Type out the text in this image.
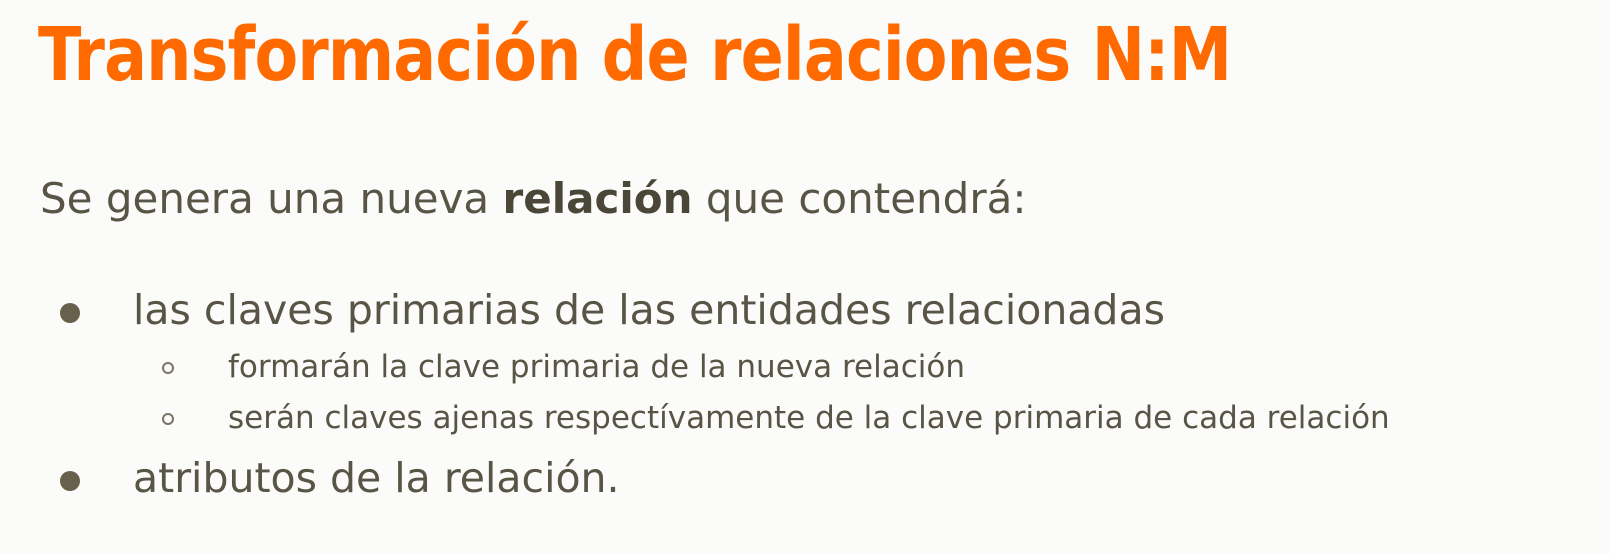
Transformación de relaciones N:M

Se genera una nueva relación que contendrá:

las claves primarias de las entidades relacionadas
formarán la clave primaria de la nueva relación
serán claves ajenas respectívamente de la clave primaria de cada relación
atributos de la relación.
